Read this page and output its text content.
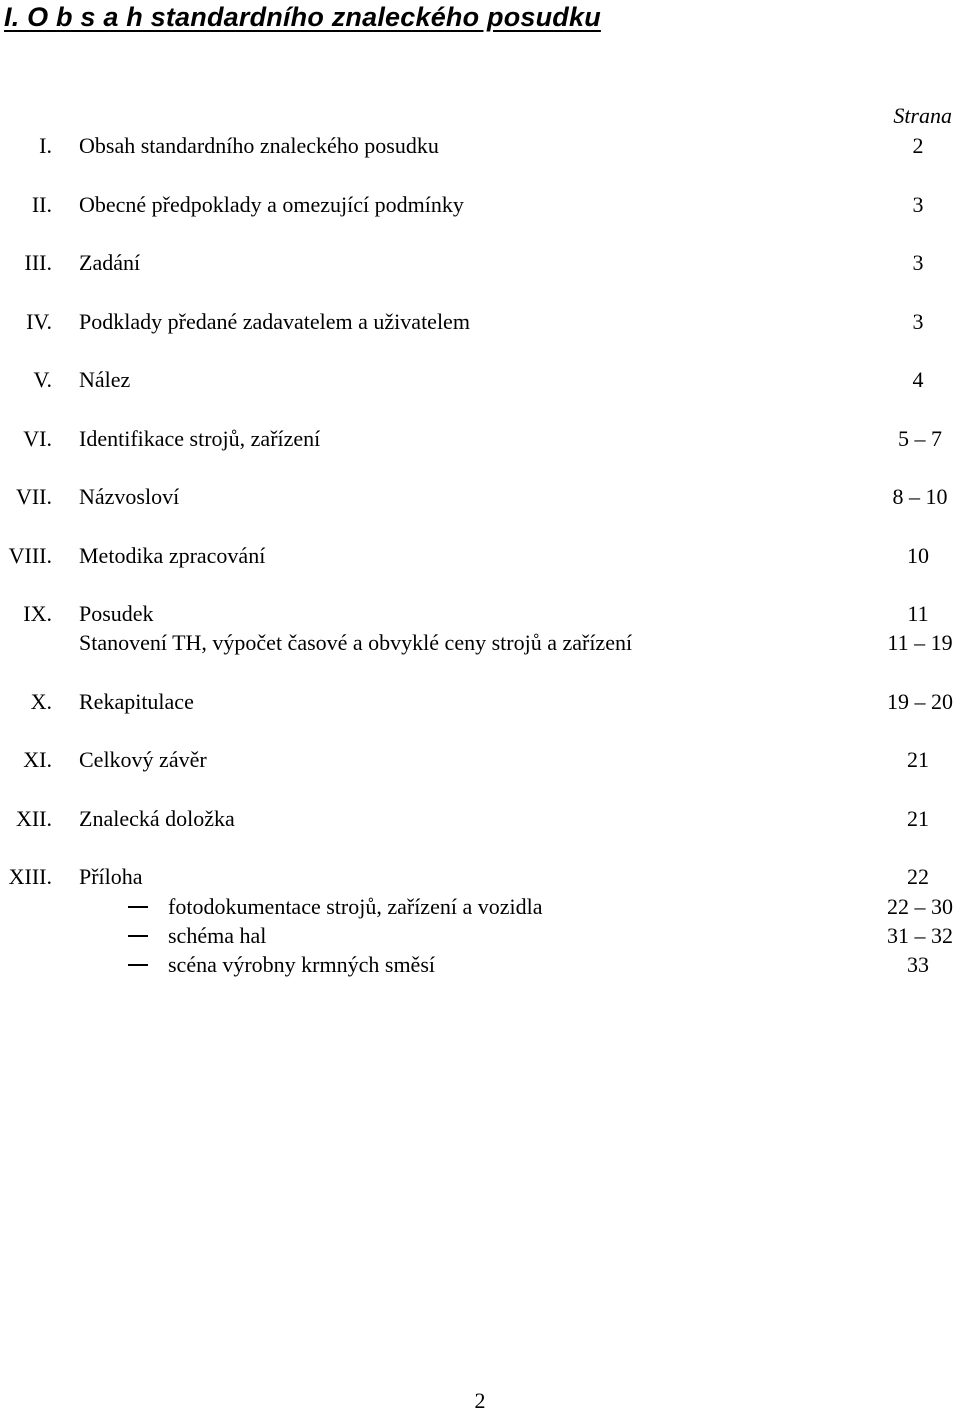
I. O b s a h standardního znaleckého posudku
Strana
I. Obsah standardního znaleckého posudku	2
II. Obecné předpoklady a omezující podmínky	3
III. Zadání	3
IV. Podklady předané zadavatelem a uživatelem	3
V. Nález	4
VI. Identifikace strojů, zařízení	5 – 7
VII. Názvosloví	8 – 10
VIII. Metodika zpracování	10
IX. Posudek	11
Stanovení TH, výpočet časové a obvyklé ceny strojů a zařízení	11 – 19
X. Rekapitulace	19 – 20
XI. Celkový závěr	21
XII. Znalecká doložka	21
XIII. Příloha	22
fotodokumentace strojů, zařízení a vozidla	22 – 30
schéma hal	31 – 32
scéna výrobny krmných směsí	33
2
